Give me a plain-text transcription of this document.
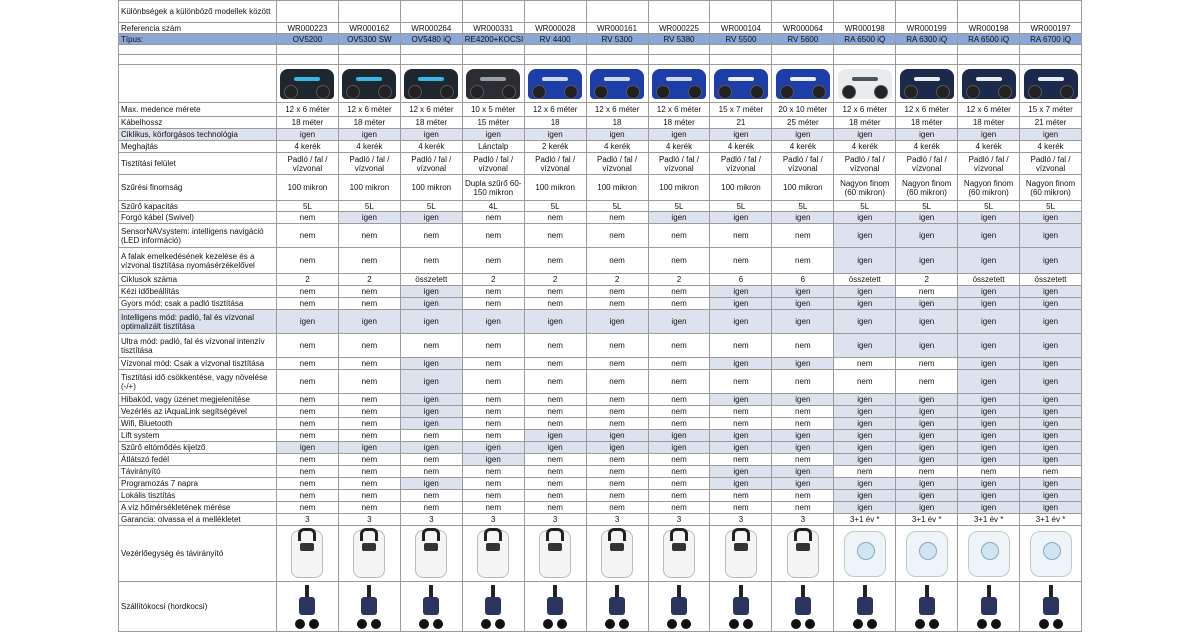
Különbségek a különböző modellek között													
Referencia szám	WR000223	WR000162	WR000264	WR000331	WR000028	WR000161	WR000225	WR000104	WR000064	WR000198	WR000199	WR000198	WR000197
Típus:	OV5200	OV5300 SW	OV5480 iQ	RE4200+KOCSI	RV 4400	RV 5300	RV 5380	RV 5500	RV 5600	RA 6500 iQ	RA 6300 iQ	RA 6500 iQ	RA 6700 iQ

Max. medence mérete	12 x 6 méter	12 x 6 méter	12 x 6 méter	10 x 5 méter	12 x 6 méter	12 x 6 méter	12 x 6 méter	15 x 7 méter	20 x 10 méter	12 x 6 méter	12 x 6 méter	12 x 6 méter	15 x 7 méter
Kábelhossz	18 méter	18 méter	18 méter	15 méter	18	18	18 méter	21	25 méter	18 méter	18 méter	18 méter	21 méter
Ciklikus, körforgásos technológia	igen	igen	igen	igen	igen	igen	igen	igen	igen	igen	igen	igen	igen
Meghajtás	4 kerék	4 kerék	4 kerék	Lánctalp	2 kerék	4 kerék	4 kerék	4 kerék	4 kerék	4 kerék	4 kerék	4 kerék	4 kerék
Tisztítási felület	Padló / fal / vízvonal	Padló / fal / vízvonal	Padló / fal / vízvonal	Padló / fal / vízvonal	Padló / fal / vízvonal	Padló / fal / vízvonal	Padló / fal / vízvonal	Padló / fal / vízvonal	Padló / fal / vízvonal	Padló / fal / vízvonal	Padló / fal / vízvonal	Padló / fal / vízvonal	Padló / fal / vízvonal
Szűrési finomság	100 mikron	100 mikron	100 mikron	Dupla szűrő 60-150 mikron	100 mikron	100 mikron	100 mikron	100 mikron	100 mikron	Nagyon finom (60 mikron)	Nagyon finom (60 mikron)	Nagyon finom (60 mikron)	Nagyon finom (60 mikron)
Szűrő kapacitás	5L	5L	5L	4L	5L	5L	5L	5L	5L	5L	5L	5L	5L
Forgó kábel (Swivel)	nem	igen	igen	nem	nem	nem	igen	igen	igen	igen	igen	igen	igen
SensorNAVsystem: intelligens navigáció (LED információ)	nem	nem	nem	nem	nem	nem	nem	nem	nem	igen	igen	igen	igen
A falak emelkedésének kezelése és a vízvonal tisztítása nyomásérzékelővel	nem	nem	nem	nem	nem	nem	nem	nem	nem	igen	igen	igen	igen
Ciklusok száma	2	2	összetett	2	2	2	2	6	6	összetett	2	összetett	összetett
Kézi időbeállítás	nem	nem	igen	nem	nem	nem	nem	igen	igen	igen	nem	igen	igen
Gyors mód: csak a padló tisztítása	nem	nem	igen	nem	nem	nem	nem	igen	igen	igen	igen	igen	igen
Intelligens mód: padló, fal és vízvonal optimalizált tisztítása	igen	igen	igen	igen	igen	igen	igen	igen	igen	igen	igen	igen	igen
Ultra mód: padló, fal és vízvonal intenzív tisztítása	nem	nem	nem	nem	nem	nem	nem	nem	nem	igen	igen	igen	igen
Vízvonal mód: Csak a vízvonal tisztítása	nem	nem	igen	nem	nem	nem	nem	igen	igen	nem	nem	igen	igen
Tisztítási idő csökkentése, vagy növelése (-/+)	nem	nem	igen	nem	nem	nem	nem	nem	nem	nem	nem	igen	igen
Hibakód, vagy üzenet megjelenítése	nem	nem	igen	nem	nem	nem	nem	igen	igen	igen	igen	igen	igen
Vezérlés az iAquaLink segítségével	nem	nem	igen	nem	nem	nem	nem	nem	nem	igen	igen	igen	igen
Wifi, Bluetooth	nem	nem	igen	nem	nem	nem	nem	nem	nem	igen	igen	igen	igen
Lift system	nem	nem	nem	nem	igen	igen	igen	igen	igen	igen	igen	igen	igen
Szűrő eltömődés kijelző	igen	igen	igen	igen	igen	igen	igen	igen	igen	igen	igen	igen	igen
Átlátszó fedél	nem	nem	nem	igen	nem	nem	nem	nem	nem	igen	igen	igen	igen
Távirányító	nem	nem	nem	nem	nem	nem	nem	igen	igen	nem	nem	nem	nem
Programozás 7 napra	nem	nem	igen	nem	nem	nem	nem	igen	igen	igen	igen	igen	igen
Lokális tisztítás	nem	nem	nem	nem	nem	nem	nem	nem	nem	igen	igen	igen	igen
A víz hőmérsékletének mérése	nem	nem	nem	nem	nem	nem	nem	nem	nem	igen	igen	igen	igen
Garancia: olvassa el a mellékletet	3	3	3	3	3	3	3	3	3	3+1 év *	3+1 év *	3+1 év *	3+1 év *
Vezérlőegység és távirányító	

Szállítókocsi (hordkocsi)	
